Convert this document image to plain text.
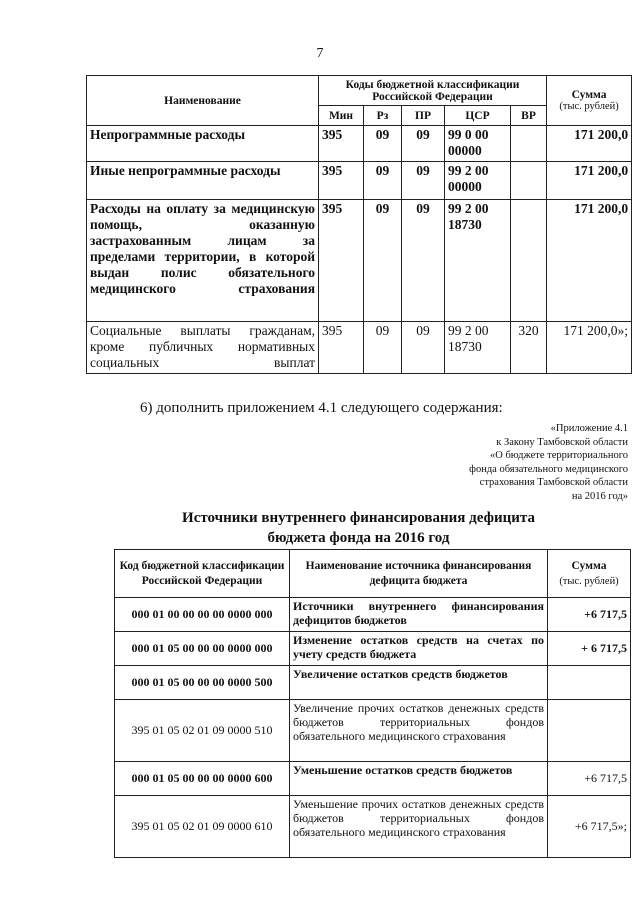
7
Наименование	Коды бюджетной классификации Российской Федерации					Сумма
(тыс. рублей)

	Мин	Рз	ПР	ЦСР	ВР	
Непрограммные расходы	395	09	09	99 0 00 00000		171 200,0
Иные непрограммные расходы	395	09	09	99 2 00 00000		171 200,0
Расходы на оплату за медицинскую помощь, оказанную застрахованным лицам за пределами территории, в которой выдан полис обязательного медицинского страхования	395	09	09	99 2 00 18730		171 200,0
Социальные выплаты гражданам, кроме публичных нормативных социальных выплат	395	09	09	99 2 00 18730	320	171 200,0»;
6) дополнить приложением 4.1 следующего содержания:
«Приложение 4.1
к Закону Тамбовской области
«О бюджете территориального
фонда обязательного медицинского
страхования Тамбовской области
на 2016 год»
Источники внутреннего финансирования дефицита
бюджета фонда на 2016 год
Код бюджетной классификации Российской Федерации	Наименование источника финансирования дефицита бюджета	Сумма
(тыс. рублей)

000 01 00 00 00 00 0000 000	Источники внутреннего финансирования дефицитов бюджетов	+6 717,5
000 01 05 00 00 00 0000 000	Изменение остатков средств на счетах по учету средств бюджета	+ 6 717,5
000 01 05 00 00 00 0000 500	Увеличение остатков средств бюджетов	
395 01 05 02 01 09 0000 510	Увеличение прочих остатков денежных средств бюджетов территориальных фондов обязательного медицинского страхования	
000 01 05 00 00 00 0000 600	Уменьшение остатков средств бюджетов	+6 717,5
395 01 05 02 01 09 0000 610	Уменьшение прочих остатков денежных средств бюджетов территориальных фондов обязательного медицинского страхования	+6 717,5»;
